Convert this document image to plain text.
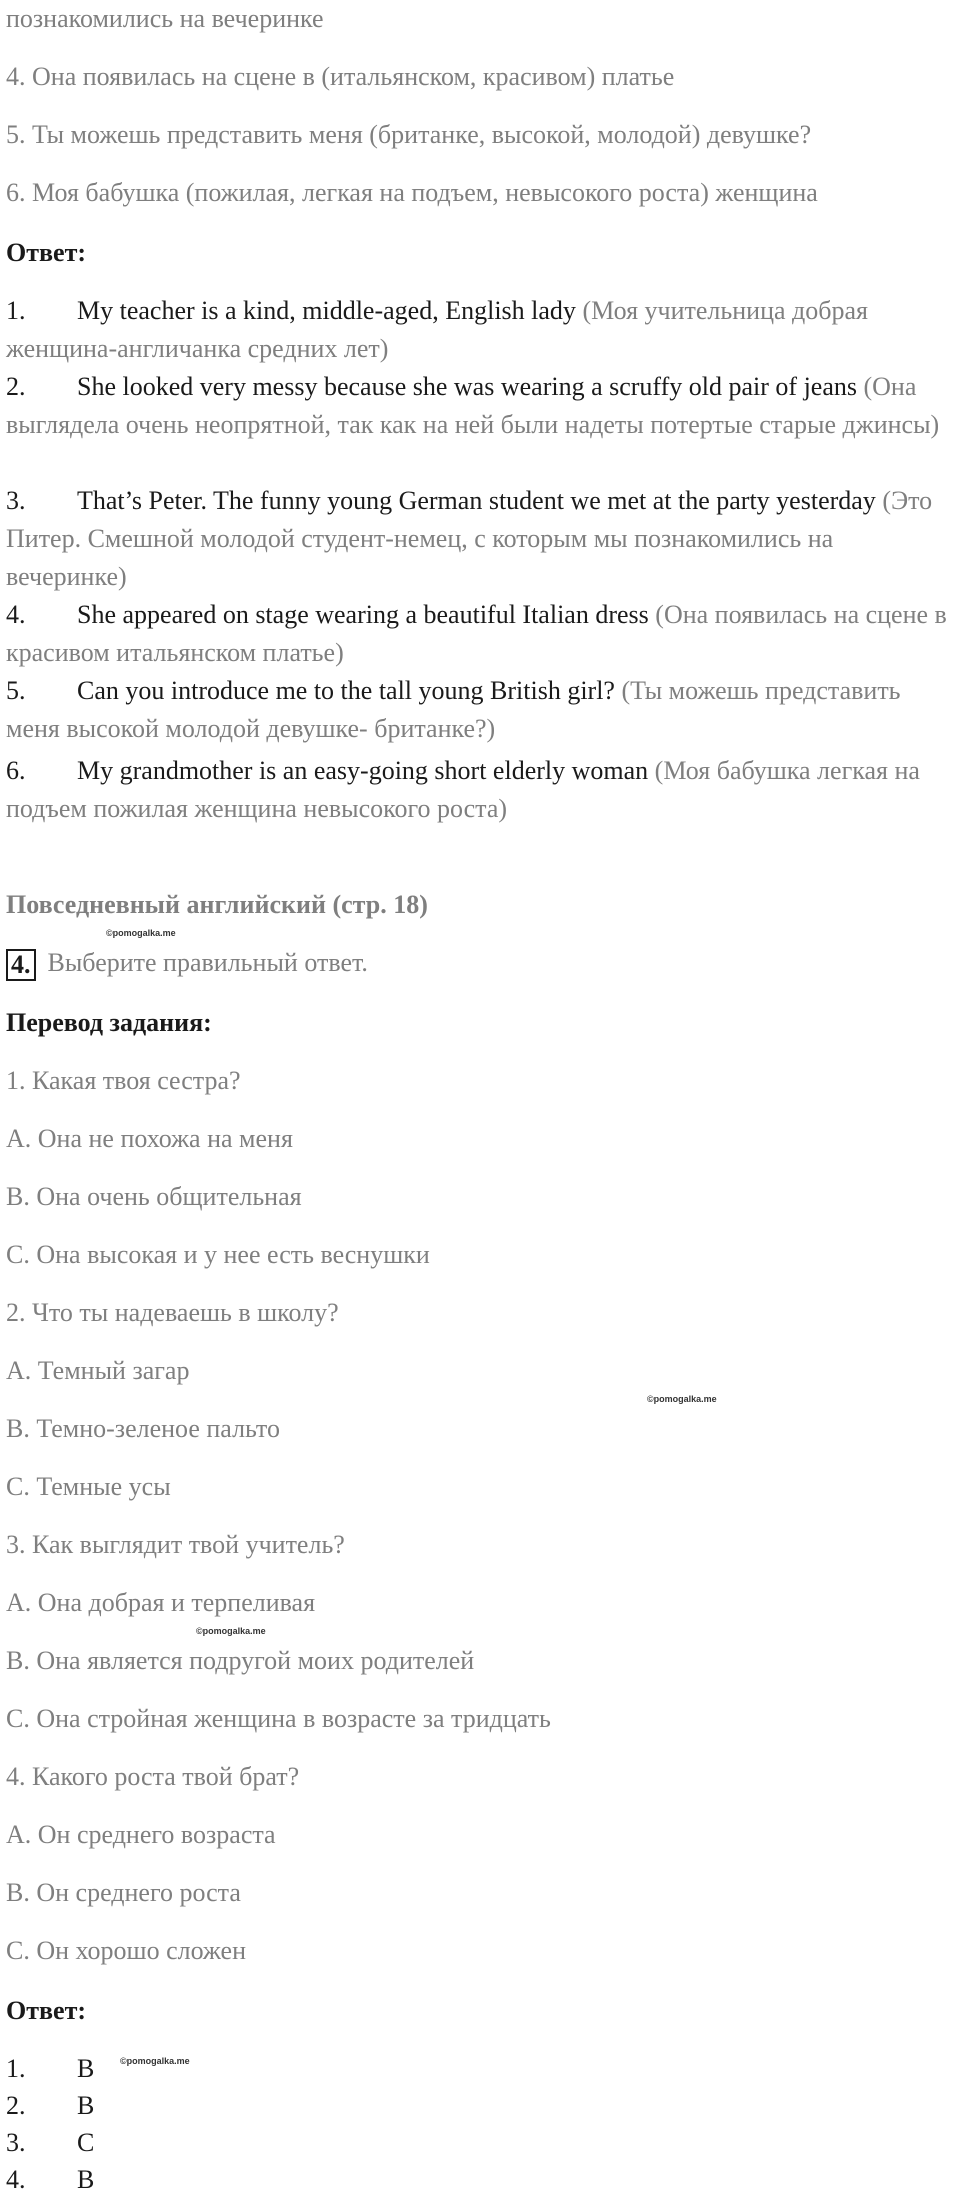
познакомились на вечеринке

4. Она появилась на сцене в (итальянском, красивом) платье

5. Ты можешь представить меня (британке, высокой, молодой) девушке?

6. Моя бабушка (пожилая, легкая на подъем, невысокого роста) женщина

Ответ:

1.	My teacher is a kind, middle-aged, English lady (Моя учительница добрая женщина-англичанка средних лет)
2.	She looked very messy because she was wearing a scruffy old pair of jeans (Она выглядела очень неопрятной, так как на ней были надеты потертые старые джинсы)
3.	That’s Peter. The funny young German student we met at the party yesterday (Это Питер. Смешной молодой студент-немец, с которым мы познакомились на вечеринке)
4.	She appeared on stage wearing a beautiful Italian dress (Она появилась на сцене в красивом итальянском платье)
5.	Can you introduce me to the tall young British girl? (Ты можешь представить меня высокой молодой девушке- британке?)
6.	My grandmother is an easy-going short elderly woman (Моя бабушка легкая на подъем пожилая женщина невысокого роста)

Повседневный английский (стр. 18)

©pomogalka.me

4. Выберите правильный ответ.

Перевод задания:

1. Какая твоя сестра?

A. Она не похожа на меня

B. Она очень общительная

C. Она высокая и у нее есть веснушки

2. Что ты надеваешь в школу?

A. Темный загар

©pomogalka.me

B. Темно-зеленое пальто

C. Темные усы

3. Как выглядит твой учитель?

A. Она добрая и терпеливая

©pomogalka.me

B. Она является подругой моих родителей

C. Она стройная женщина в возрасте за тридцать

4. Какого роста твой брат?

A. Он среднего возраста

B. Он среднего роста

C. Он хорошо сложен

Ответ:

1. B	©pomogalka.me
2. B
3. C
4. B
